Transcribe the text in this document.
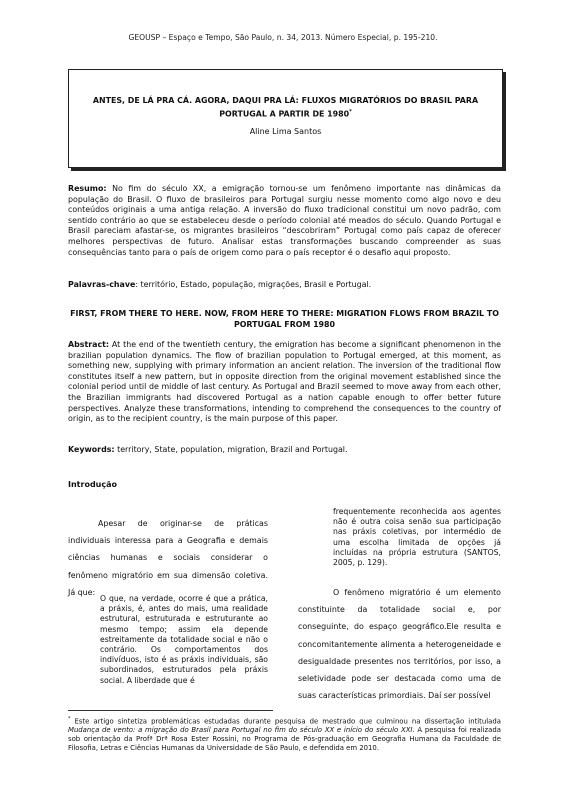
GEOUSP – Espaço e Tempo, São Paulo, n. 34, 2013. Número Especial, p. 195-210.
ANTES, DE LÁ PRA CÁ. AGORA, DAQUI PRA LÁ: FLUXOS MIGRATÓRIOS DO BRASIL PARA PORTUGAL A PARTIR DE 1980*
Aline Lima Santos
Resumo: No fim do século XX, a emigração tornou-se um fenômeno importante nas dinâmicas da população do Brasil. O fluxo de brasileiros para Portugal surgiu nesse momento como algo novo e deu conteúdos originais a uma antiga relação. A inversão do fluxo tradicional constitui um novo padrão, com sentido contrário ao que se estabeleceu desde o período colonial até meados do século. Quando Portugal e Brasil pareciam afastar-se, os migrantes brasileiros “descobriram” Portugal como país capaz de oferecer melhores perspectivas de futuro. Analisar estas transformações buscando compreender as suas consequências tanto para o país de origem como para o país receptor é o desafio aqui proposto.
Palavras-chave: território, Estado, população, migrações, Brasil e Portugal.
FIRST, FROM THERE TO HERE. NOW, FROM HERE TO THERE: MIGRATION FLOWS FROM BRAZIL TO PORTUGAL FROM 1980
Abstract: At the end of the twentieth century, the emigration has become a significant phenomenon in the brazilian population dynamics. The flow of brazilian population to Portugal emerged, at this moment, as something new, supplying with primary information an ancient relation. The inversion of the traditional flow constitutes itself a new pattern, but in opposite direction from the original movement established since the colonial period until de middle of last century. As Portugal and Brazil seemed to move away from each other, the Brazilian immigrants had discovered Portugal as a nation capable enough to offer better future perspectives. Analyze these transformations, intending to comprehend the consequences to the country of origin, as to the recipient country, is the main purpose of this paper.
Keywords: territory, State, population, migration, Brazil and Portugal.
Introdução
Apesar de originar-se de práticas individuais interessa para a Geografia e demais ciências humanas e sociais considerar o fenômeno migratório em sua dimensão coletiva. Já que:
O que, na verdade, ocorre é que a prática, a práxis, é, antes do mais, uma realidade estrutural, estruturada e estruturante ao mesmo tempo; assim ela depende estreitamente da totalidade social e não o contrário. Os comportamentos dos indivíduos, isto é as práxis individuais, são subordinados, estruturados pela práxis social. A liberdade que é
frequentemente reconhecida aos agentes não é outra coisa senão sua participação nas práxis coletivas, por intermédio de uma escolha limitada de opções já incluídas na própria estrutura (SANTOS, 2005, p. 129).
O fenômeno migratório é um elemento constituinte da totalidade social e, por conseguinte, do espaço geográfico.Ele resulta e concomitantemente alimenta a heterogeneidade e desigualdade presentes nos territórios, por isso, a seletividade pode ser destacada como uma de suas características primordiais. Daí ser possível
* Este artigo sintetiza problemáticas estudadas durante pesquisa de mestrado que culminou na dissertação intitulada Mudança de vento: a migração do Brasil para Portugal no fim do século XX e início do século XXI. A pesquisa foi realizada sob orientação da Profª Drª Rosa Ester Rossini, no Programa de Pós-graduação em Geografia Humana da Faculdade de Filosofia, Letras e Ciências Humanas da Universidade de São Paulo, e defendida em 2010.
